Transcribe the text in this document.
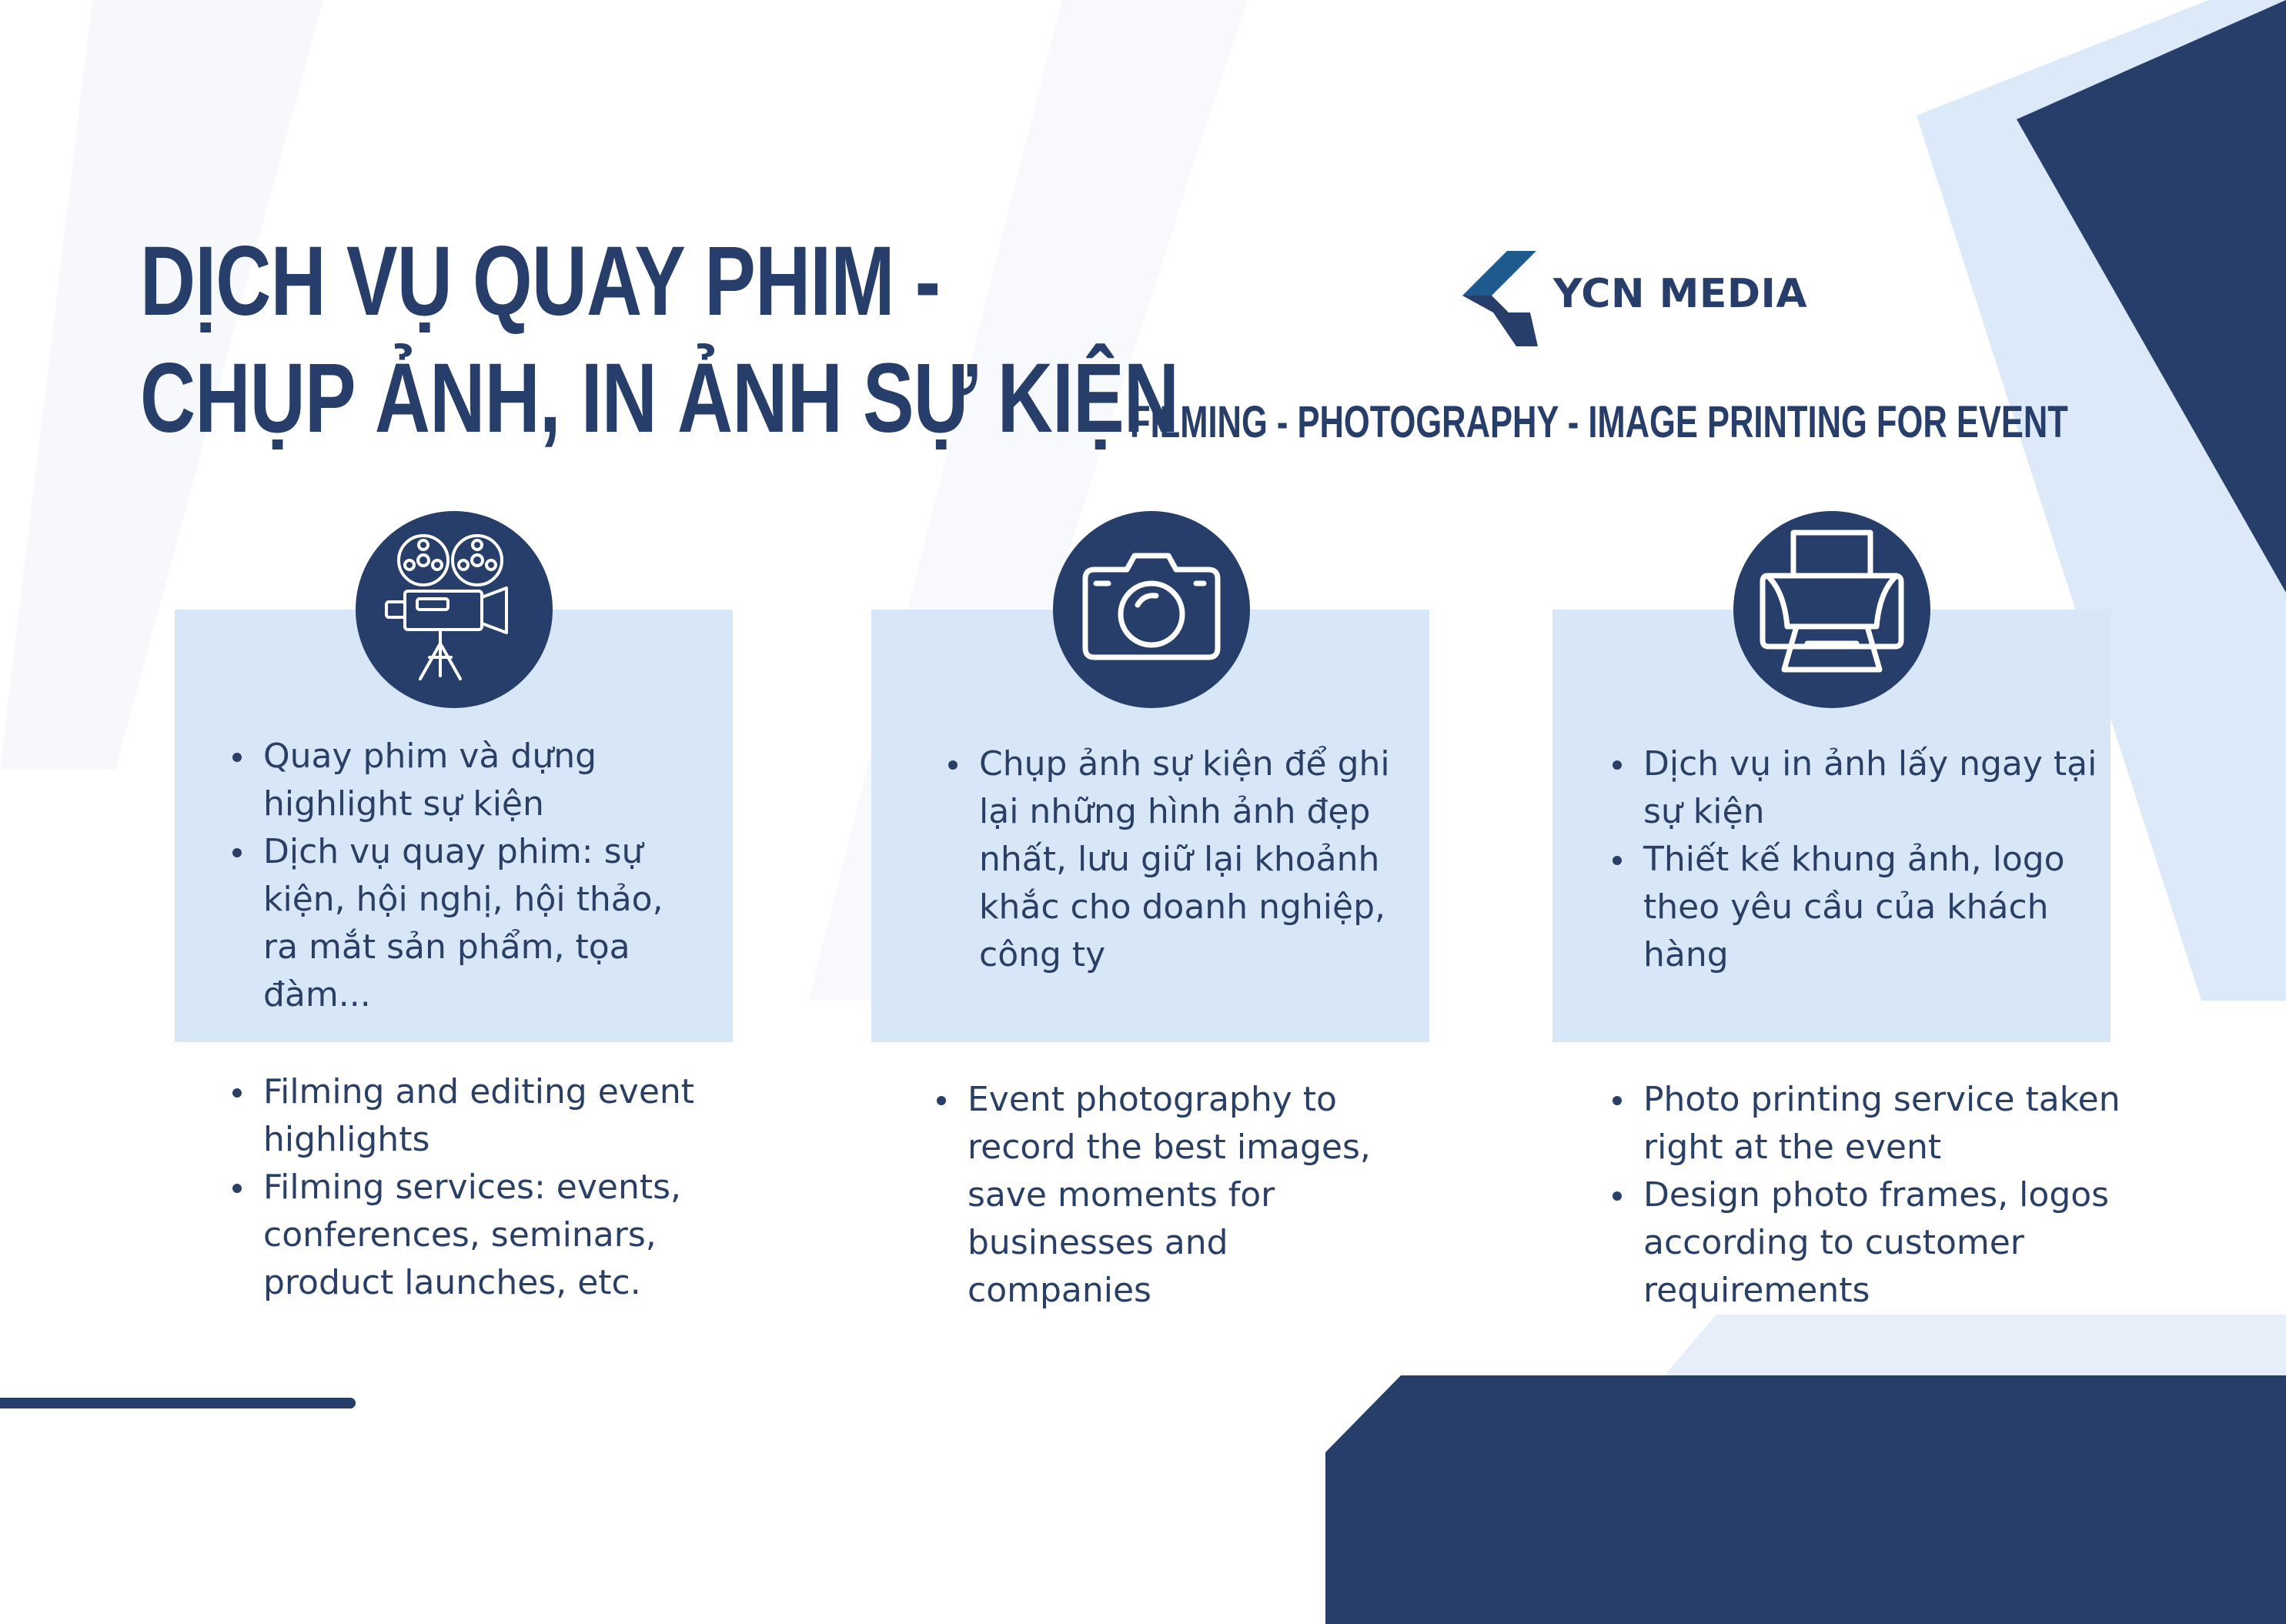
DỊCH VỤ QUAY PHIM -
CHỤP ẢNH, IN ẢNH SỰ KIỆN
YCN MEDIA

FILMING - PHOTOGRAPHY - IMAGE PRINTING FOR EVENT

Quay phim và dựng highlight sự kiện
Dịch vụ quay phim: sự kiện, hội nghị, hội thảo, ra mắt sản phẩm, tọa đàm...
Chụp ảnh sự kiện để ghi lại những hình ảnh đẹp nhất, lưu giữ lại khoảnh khắc cho doanh nghiệp, công ty
Dịch vụ in ảnh lấy ngay tại sự kiện
Thiết kế khung ảnh, logo theo yêu cầu của khách hàng
Filming and editing event highlights
Filming services: events, conferences, seminars, product launches, etc.
Event photography to record the best images, save moments for businesses and companies
Photo printing service taken right at the event
Design photo frames, logos according to customer requirements
